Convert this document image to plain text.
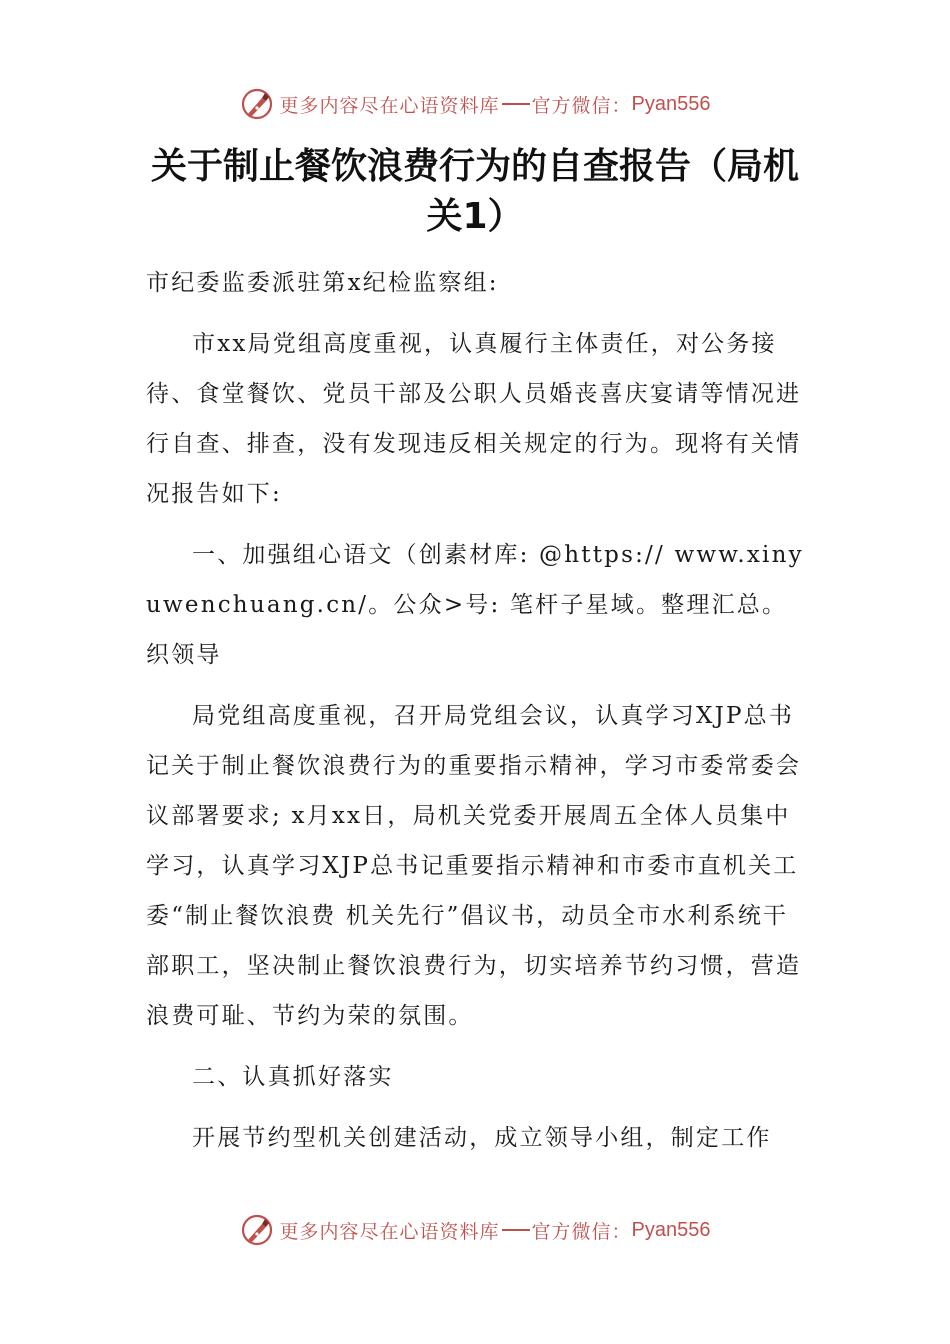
更多内容尽在心语资料库 官方微信： Pyan556
关于制止餐饮浪费行为的自查报告（局机关1）

市纪委监委派驻第x纪检监察组:

市xx局党组高度重视，认真履行主体责任，对公务接待、食堂餐饮、党员干部及公职人员婚丧喜庆宴请等情况进行自查、排查，没有发现违反相关规定的行为。现将有关情况报告如下:

一、加强组心语文（创素材库: @https:// www.xinyuwenchuang.cn/。公众>号: 笔杆子星域。整理汇总。织领导

局党组高度重视，召开局党组会议，认真学习XJP总书记关于制止餐饮浪费行为的重要指示精神，学习市委常委会议部署要求; x月xx日，局机关党委开展周五全体人员集中学习，认真学习XJP总书记重要指示精神和市委市直机关工委“制止餐饮浪费 机关先行”倡议书，动员全市水利系统干部职工，坚决制止餐饮浪费行为，切实培养节约习惯，营造浪费可耻、节约为荣的氛围。

二、认真抓好落实

开展节约型机关创建活动，成立领导小组，制定工作

更多内容尽在心语资料库 官方微信： Pyan556
